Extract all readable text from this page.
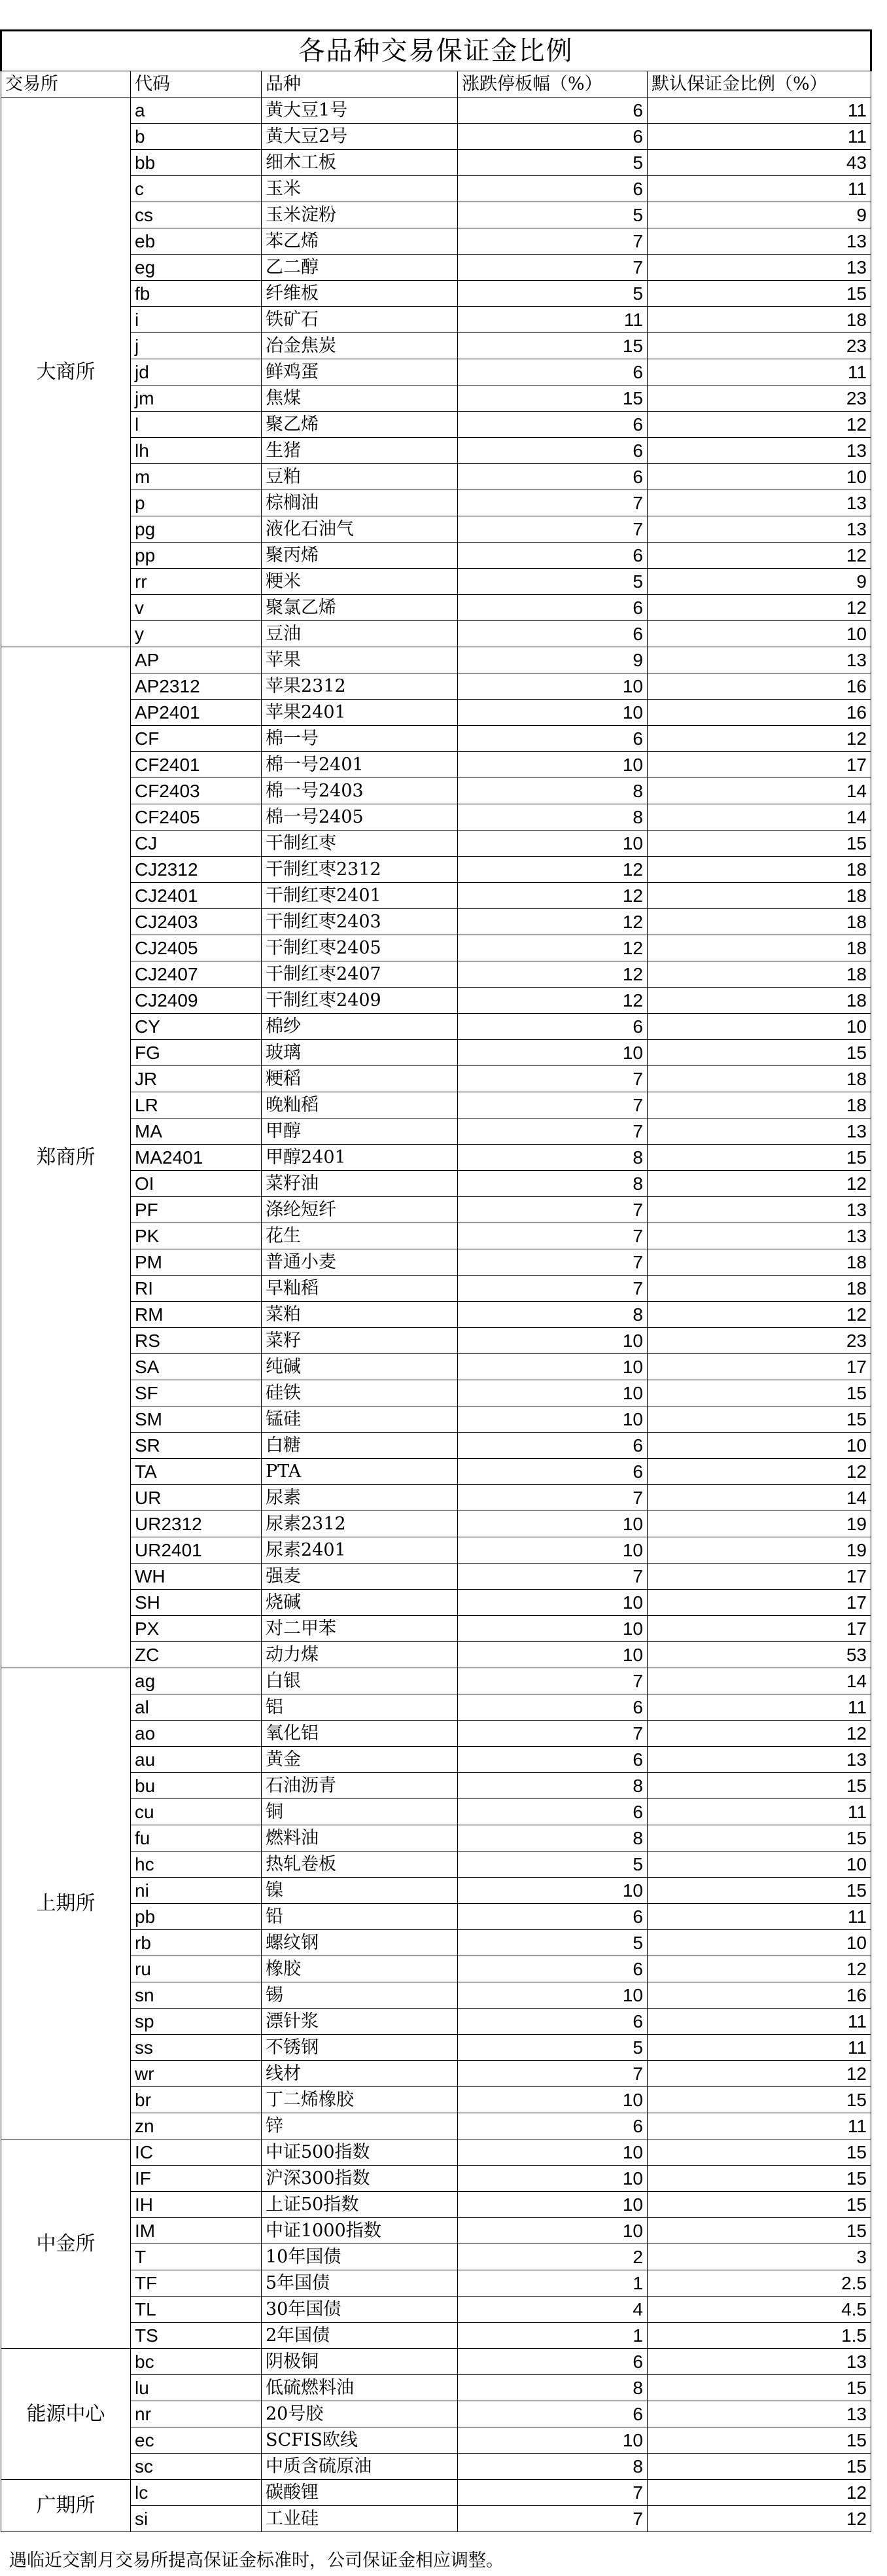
各品种交易保证金比例				
交易所	代码	品种	涨跌停板幅（%）	默认保证金比例（%）
大商所	a	黄大豆1号	6	11
	b	黄大豆2号	6	11
	bb	细木工板	5	43
	c	玉米	6	11
	cs	玉米淀粉	5	9
	eb	苯乙烯	7	13
	eg	乙二醇	7	13
	fb	纤维板	5	15
	i	铁矿石	11	18
	j	冶金焦炭	15	23
	jd	鲜鸡蛋	6	11
	jm	焦煤	15	23
	l	聚乙烯	6	12
	lh	生猪	6	13
	m	豆粕	6	10
	p	棕榈油	7	13
	pg	液化石油气	7	13
	pp	聚丙烯	6	12
	rr	粳米	5	9
	v	聚氯乙烯	6	12
	y	豆油	6	10
郑商所	AP	苹果	9	13
	AP2312	苹果2312	10	16
	AP2401	苹果2401	10	16
	CF	棉一号	6	12
	CF2401	棉一号2401	10	17
	CF2403	棉一号2403	8	14
	CF2405	棉一号2405	8	14
	CJ	干制红枣	10	15
	CJ2312	干制红枣2312	12	18
	CJ2401	干制红枣2401	12	18
	CJ2403	干制红枣2403	12	18
	CJ2405	干制红枣2405	12	18
	CJ2407	干制红枣2407	12	18
	CJ2409	干制红枣2409	12	18
	CY	棉纱	6	10
	FG	玻璃	10	15
	JR	粳稻	7	18
	LR	晚籼稻	7	18
	MA	甲醇	7	13
	MA2401	甲醇2401	8	15
	OI	菜籽油	8	12
	PF	涤纶短纤	7	13
	PK	花生	7	13
	PM	普通小麦	7	18
	RI	早籼稻	7	18
	RM	菜粕	8	12
	RS	菜籽	10	23
	SA	纯碱	10	17
	SF	硅铁	10	15
	SM	锰硅	10	15
	SR	白糖	6	10
	TA	PTA	6	12
	UR	尿素	7	14
	UR2312	尿素2312	10	19
	UR2401	尿素2401	10	19
	WH	强麦	7	17
	SH	烧碱	10	17
	PX	对二甲苯	10	17
	ZC	动力煤	10	53
上期所	ag	白银	7	14
	al	铝	6	11
	ao	氧化铝	7	12
	au	黄金	6	13
	bu	石油沥青	8	15
	cu	铜	6	11
	fu	燃料油	8	15
	hc	热轧卷板	5	10
	ni	镍	10	15
	pb	铅	6	11
	rb	螺纹钢	5	10
	ru	橡胶	6	12
	sn	锡	10	16
	sp	漂针浆	6	11
	ss	不锈钢	5	11
	wr	线材	7	12
	br	丁二烯橡胶	10	15
	zn	锌	6	11
中金所	IC	中证500指数	10	15
	IF	沪深300指数	10	15
	IH	上证50指数	10	15
	IM	中证1000指数	10	15
	T	10年国债	2	3
	TF	5年国债	1	2.5
	TL	30年国债	4	4.5
	TS	2年国债	1	1.5
能源中心	bc	阴极铜	6	13
	lu	低硫燃料油	8	15
	nr	20号胶	6	13
	ec	SCFIS欧线	10	15
	sc	中质含硫原油	8	15
广期所	lc	碳酸锂	7	12
	si	工业硅	7	12
遇临近交割月交易所提高保证金标准时，公司保证金相应调整。
